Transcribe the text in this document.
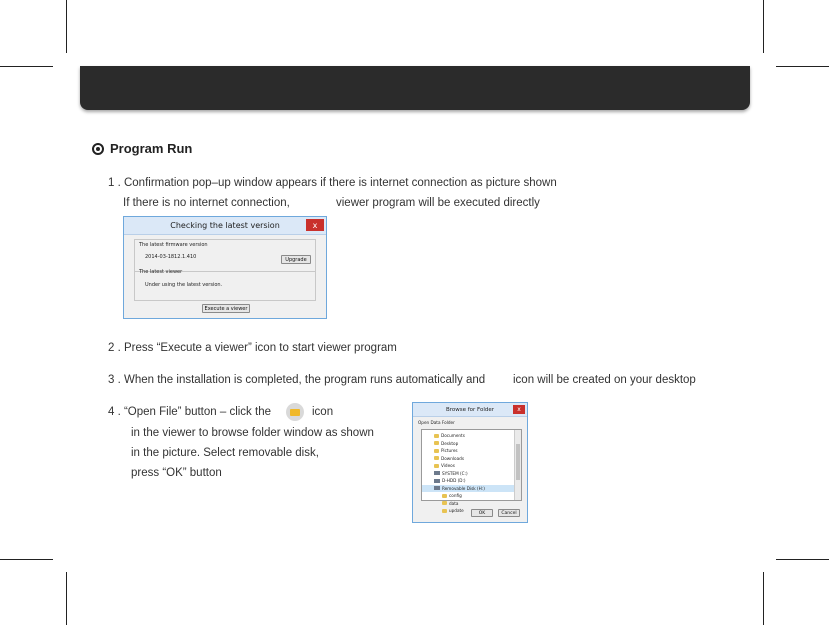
Program Run
1 . Confirmation pop–up window appears if there is internet connection as picture shown
If there is no internet connection,	viewer program will be executed directly
Checking the latest version	x
The latest firmware version
2014-03-1812.1.410	Upgrade
The latest viewer
Under using the latest version.
Execute a viewer
2 . Press “Execute a viewer” icon to start viewer program
3 . When the installation is completed, the program runs automatically and icon will be created on your desktop
4 . “Open File” button – click the	icon
in the viewer to browse folder window as shown
in the picture. Select removable disk,
press “OK” button
Browse for Folder	x
Open Data Folder
Documents
Desktop
Pictures
Downloads
Videos
SYSTEM (C:)
D-HDD (D:)
Removable Disk (H:)
config
data
update	OK	Cancel
